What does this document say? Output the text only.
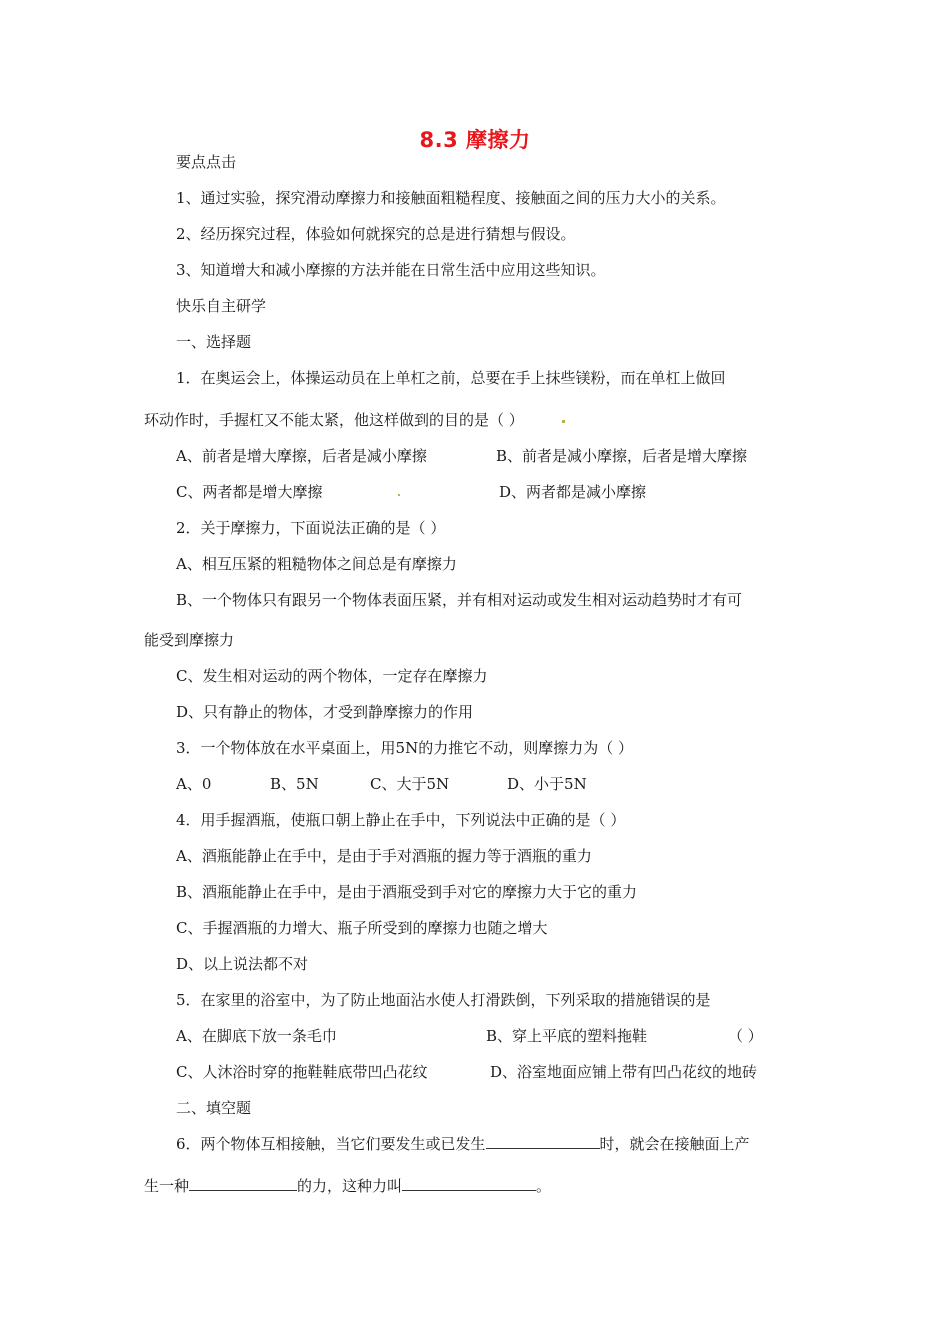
8.3 摩擦力
要点点击
1、通过实验，探究滑动摩擦力和接触面粗糙程度、接触面之间的压力大小的关系。
2、经历探究过程，体验如何就探究的总是进行猜想与假设。
3、知道增大和减小摩擦的方法并能在日常生活中应用这些知识。
快乐自主研学
一、选择题
1．在奥运会上，体操运动员在上单杠之前，总要在手上抹些镁粉，而在单杠上做回
环动作时，手握杠又不能太紧，他这样做到的目的是（ ）
A、前者是增大摩擦，后者是减小摩擦	B、前者是减小摩擦，后者是增大摩擦
C、两者都是增大摩擦	D、两者都是减小摩擦
2．关于摩擦力，下面说法正确的是（ ）
A、相互压紧的粗糙物体之间总是有摩擦力
B、一个物体只有跟另一个物体表面压紧，并有相对运动或发生相对运动趋势时才有可
能受到摩擦力
C、发生相对运动的两个物体，一定存在摩擦力
D、只有静止的物体，才受到静摩擦力的作用
3．一个物体放在水平桌面上，用5N的力推它不动，则摩擦力为（ ）
A、0	B、5N	C、大于5N	D、小于5N
4．用手握酒瓶，使瓶口朝上静止在手中，下列说法中正确的是（ ）
A、酒瓶能静止在手中，是由于手对酒瓶的握力等于酒瓶的重力
B、酒瓶能静止在手中，是由于酒瓶受到手对它的摩擦力大于它的重力
C、手握酒瓶的力增大、瓶子所受到的摩擦力也随之增大
D、以上说法都不对
5．在家里的浴室中，为了防止地面沾水使人打滑跌倒，下列采取的措施错误的是
A、在脚底下放一条毛巾	B、穿上平底的塑料拖鞋	（ ）
C、人沐浴时穿的拖鞋鞋底带凹凸花纹	D、浴室地面应铺上带有凹凸花纹的地砖
二、填空题
6．两个物体互相接触，当它们要发生或已发生	时，就会在接触面上产
生一种	的力，这种力叫	。
